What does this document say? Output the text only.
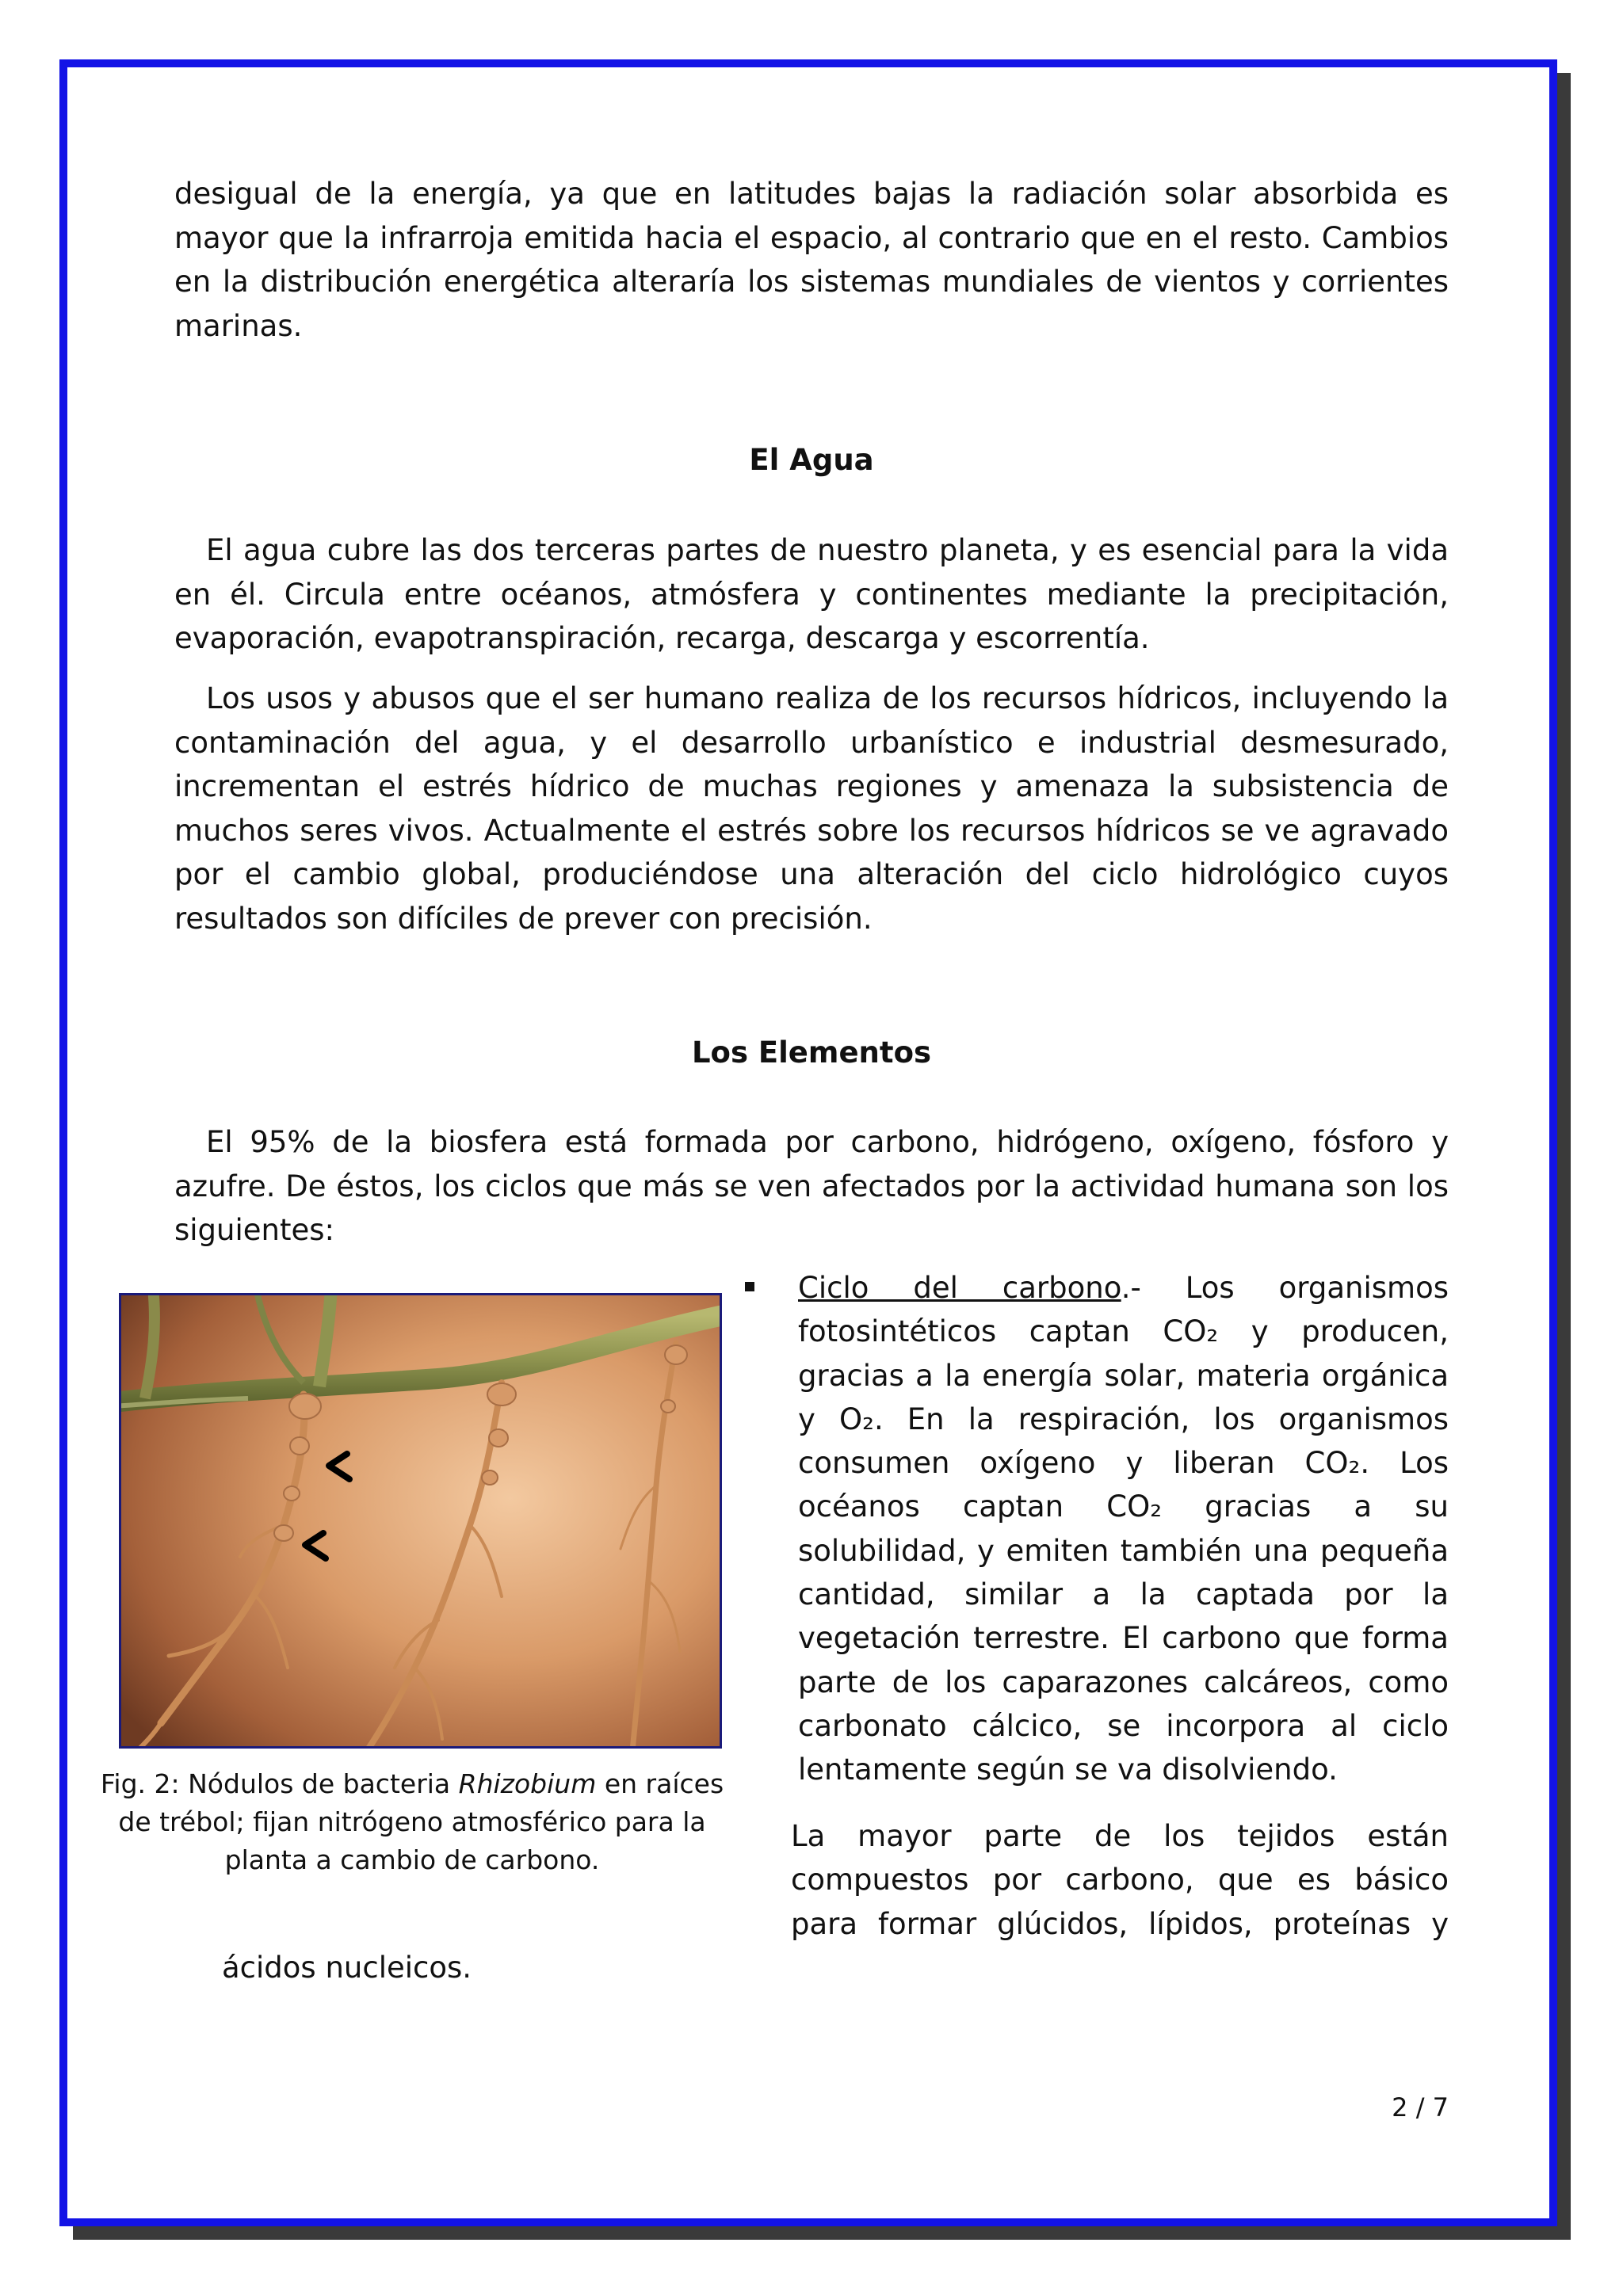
desigual de la energía, ya que en latitudes bajas la radiación solar absorbida es mayor que la infrarroja emitida hacia el espacio, al contrario que en el resto. Cambios en la distribución energética alteraría los sistemas mundiales de vientos y corrientes marinas.

El Agua

El agua cubre las dos terceras partes de nuestro planeta, y es esencial para la vida en él. Circula entre océanos, atmósfera y continentes mediante la precipitación, evaporación, evapotranspiración, recarga, descarga y escorrentía.

Los usos y abusos que el ser humano realiza de los recursos hídricos, incluyendo la contaminación del agua, y el desarrollo urbanístico e industrial desmesurado, incrementan el estrés hídrico de muchas regiones y amenaza la subsistencia de muchos seres vivos. Actualmente el estrés sobre los recursos hídricos se ve agravado por el cambio global, produciéndose una alteración del ciclo hidrológico cuyos resultados son difíciles de prever con precisión.

Los Elementos

El 95% de la biosfera está formada por carbono, hidrógeno, oxígeno, fósforo y azufre. De éstos, los ciclos que más se ven afectados por la actividad humana son los siguientes:

Ciclo del carbono.- Los organismos fotosintéticos captan CO₂ y producen, gracias a la energía solar, materia orgánica y O₂. En la respiración, los organismos consumen oxígeno y liberan CO₂. Los océanos captan CO₂ gracias a su solubilidad, y emiten también una pequeña cantidad, similar a la captada por la vegetación terrestre. El carbono que forma parte de los caparazones calcáreos, como carbonato cálcico, se incorpora al ciclo lentamente según se va disolviendo.

La mayor parte de los tejidos están compuestos por carbono, que es básico para formar glúcidos, lípidos, proteínas y

ácidos nucleicos.

Fig. 2: Nódulos de bacteria Rhizobium en raíces de trébol; fijan nitrógeno atmosférico para la planta a cambio de carbono.

2 / 7
